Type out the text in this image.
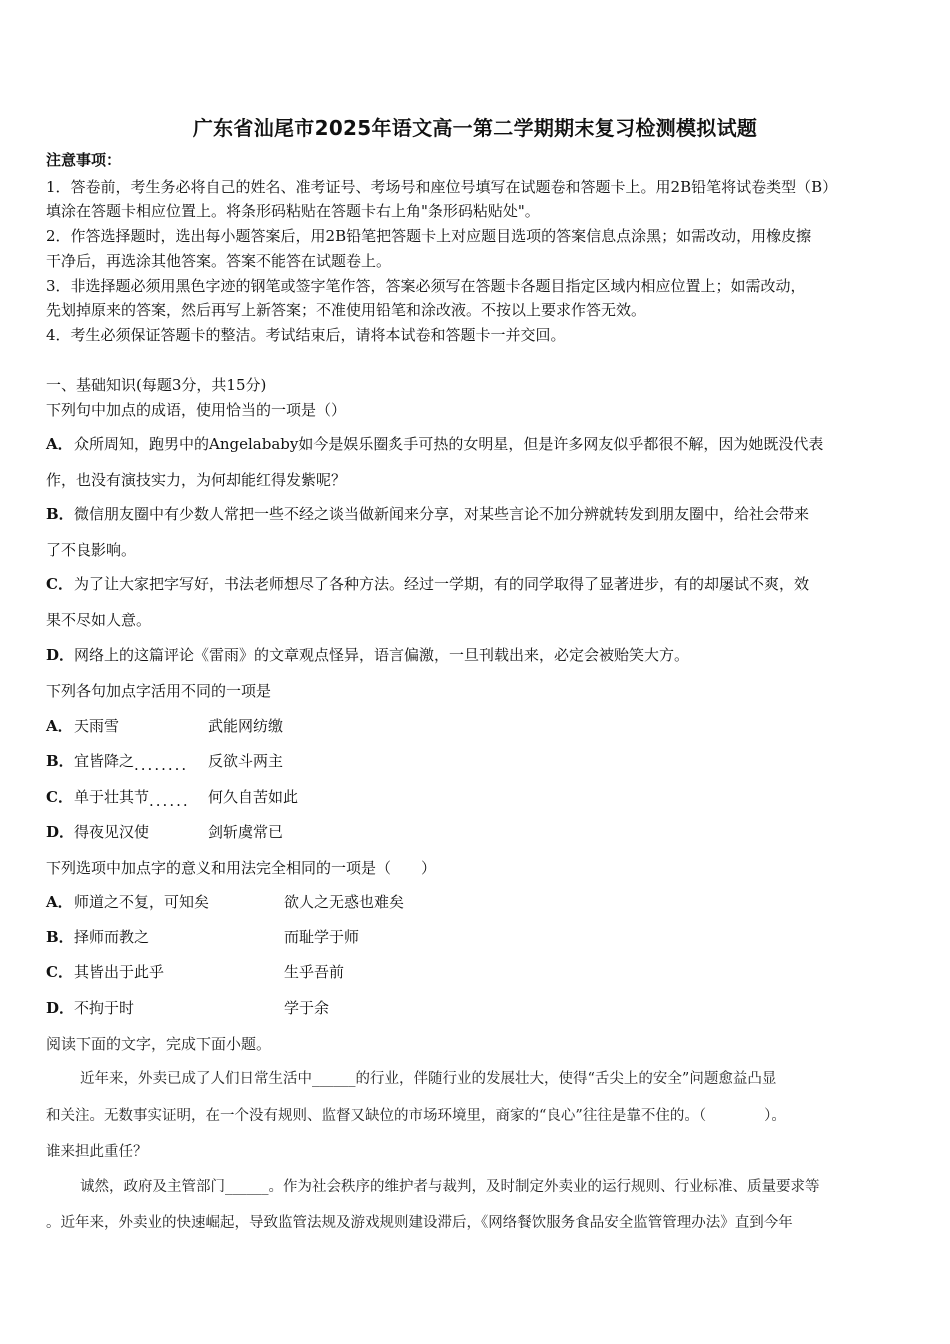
广东省汕尾市2025年语文高一第二学期期末复习检测模拟试题
注意事项：
1．答卷前，考生务必将自己的姓名、准考证号、考场号和座位号填写在试题卷和答题卡上。用2B铅笔将试卷类型（B）
填涂在答题卡相应位置上。将条形码粘贴在答题卡右上角"条形码粘贴处"。
2．作答选择题时，选出每小题答案后，用2B铅笔把答题卡上对应题目选项的答案信息点涂黑；如需改动，用橡皮擦
干净后，再选涂其他答案。答案不能答在试题卷上。
3．非选择题必须用黑色字迹的钢笔或签字笔作答，答案必须写在答题卡各题目指定区域内相应位置上；如需改动，
先划掉原来的答案，然后再写上新答案；不准使用铅笔和涂改液。不按以上要求作答无效。
4．考生必须保证答题卡的整洁。考试结束后，请将本试卷和答题卡一并交回。
一、基础知识(每题3分，共15分)
下列句中加点的成语，使用恰当的一项是（）
A．众所周知，跑男中的Angelababy如今是娱乐圈炙手可热的女明星，但是许多网友似乎都很不解，因为她既没代表
作，也没有演技实力，为何却能红得发紫呢？
B．微信朋友圈中有少数人常把一些不经之谈当做新闻来分享，对某些言论不加分辨就转发到朋友圈中，给社会带来
了不良影响。
C．为了让大家把字写好，书法老师想尽了各种方法。经过一学期，有的同学取得了显著进步，有的却屡试不爽，效
果不尽如人意。
D．网络上的这篇评论《雷雨》的文章观点怪异，语言偏激，一旦刊载出来，必定会被贻笑大方。
下列各句加点字活用不同的一项是
A．天雨雪	武能网纺缴
B．宜皆降之........ 反欲斗两主
C．单于壮其节...... 何久自苦如此
D．得夜见汉使	剑斩虞常已
下列选项中加点字的意义和用法完全相同的一项是（　　）
A．师道之不复，可知矣	欲人之无惑也难矣
B．择师而教之	而耻学于师
C．其皆出于此乎	生乎吾前
D．不拘于时	学于余
阅读下面的文字，完成下面小题。
近年来，外卖已成了人们日常生活中______的行业，伴随行业的发展壮大，使得“舌尖上的安全”问题愈益凸显
和关注。无数事实证明，在一个没有规则、监督又缺位的市场环境里，商家的“良心”往往是靠不住的。（　　　　）。
谁来担此重任？
诚然，政府及主管部门______。作为社会秩序的维护者与裁判，及时制定外卖业的运行规则、行业标准、质量要求等
。近年来，外卖业的快速崛起，导致监管法规及游戏规则建设滞后，《网络餐饮服务食品安全监管管理办法》直到今年
